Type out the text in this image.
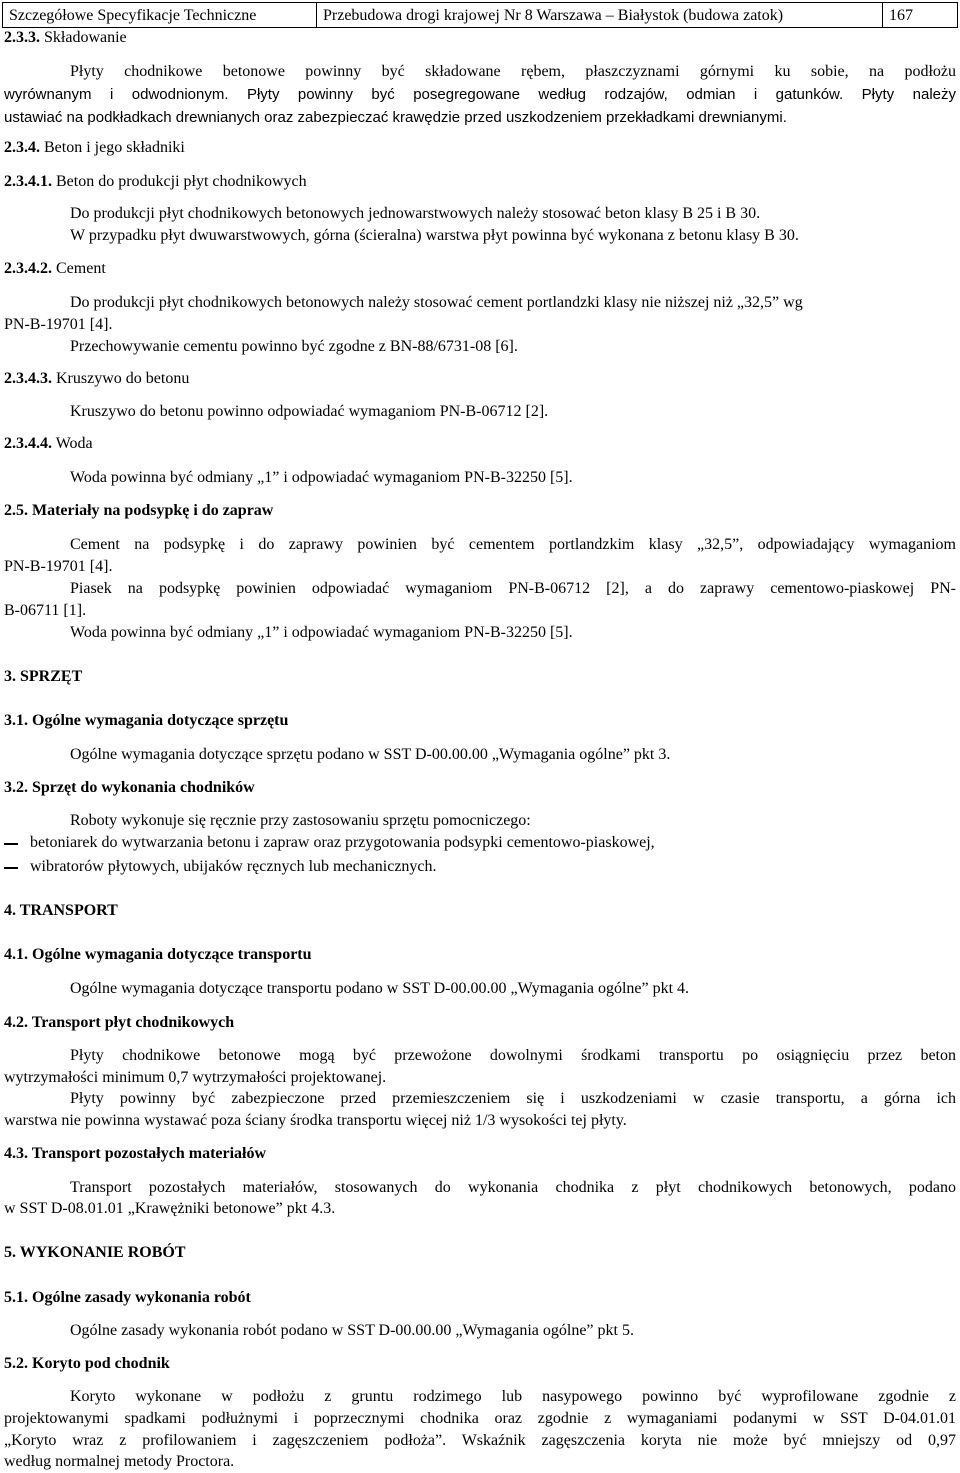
Szczegółowe Specyfikacje Techniczne	Przebudowa drogi krajowej Nr 8 Warszawa – Białystok (budowa zatok)	167
2.3.3. Składowanie
Płyty chodnikowe betonowe powinny być składowane rębem, płaszczyznami górnymi ku sobie, na podłożu
wyrównanym i odwodnionym. Płyty powinny być posegregowane według rodzajów, odmian i gatunków. Płyty należy
ustawiać na podkładkach drewnianych oraz zabezpieczać krawędzie przed uszkodzeniem przekładkami drewnianymi.
2.3.4. Beton i jego składniki
2.3.4.1. Beton do produkcji płyt chodnikowych
Do produkcji płyt chodnikowych betonowych jednowarstwowych należy stosować beton klasy B 25 i B 30.
W przypadku płyt dwuwarstwowych, górna (ścieralna) warstwa płyt powinna być wykonana z betonu klasy B 30.
2.3.4.2. Cement
Do produkcji płyt chodnikowych betonowych należy stosować cement portlandzki klasy nie niższej niż „32,5” wg
PN-B-19701 [4].
Przechowywanie cementu powinno być zgodne z BN-88/6731-08 [6].
2.3.4.3. Kruszywo do betonu
Kruszywo do betonu powinno odpowiadać wymaganiom PN-B-06712 [2].
2.3.4.4. Woda
Woda powinna być odmiany „1” i odpowiadać wymaganiom PN-B-32250 [5].
2.5. Materiały na podsypkę i do zapraw
Cement na podsypkę i do zaprawy powinien być cementem portlandzkim klasy „32,5”, odpowiadający wymaganiom
PN-B-19701 [4].
Piasek na podsypkę powinien odpowiadać wymaganiom PN-B-06712 [2], a do zaprawy cementowo-piaskowej PN-
B-06711 [1].
Woda powinna być odmiany „1” i odpowiadać wymaganiom PN-B-32250 [5].
3. SPRZĘT
3.1. Ogólne wymagania dotyczące sprzętu
Ogólne wymagania dotyczące sprzętu podano w SST D-00.00.00 „Wymagania ogólne” pkt 3.
3.2. Sprzęt do wykonania chodników
Roboty wykonuje się ręcznie przy zastosowaniu sprzętu pomocniczego:
betoniarek do wytwarzania betonu i zapraw oraz przygotowania podsypki cementowo-piaskowej,
wibratorów płytowych, ubijaków ręcznych lub mechanicznych.
4. TRANSPORT
4.1. Ogólne wymagania dotyczące transportu
Ogólne wymagania dotyczące transportu podano w SST D-00.00.00 „Wymagania ogólne” pkt 4.
4.2. Transport płyt chodnikowych
Płyty chodnikowe betonowe mogą być przewożone dowolnymi środkami transportu po osiągnięciu przez beton
wytrzymałości minimum 0,7 wytrzymałości projektowanej.
Płyty powinny być zabezpieczone przed przemieszczeniem się i uszkodzeniami w czasie transportu, a górna ich
warstwa nie powinna wystawać poza ściany środka transportu więcej niż 1/3 wysokości tej płyty.
4.3. Transport pozostałych materiałów
Transport pozostałych materiałów, stosowanych do wykonania chodnika z płyt chodnikowych betonowych, podano
w SST D-08.01.01 „Krawężniki betonowe” pkt 4.3.
5. WYKONANIE ROBÓT
5.1. Ogólne zasady wykonania robót
Ogólne zasady wykonania robót podano w SST D-00.00.00 „Wymagania ogólne” pkt 5.
5.2. Koryto pod chodnik
Koryto wykonane w podłożu z gruntu rodzimego lub nasypowego powinno być wyprofilowane zgodnie z
projektowanymi spadkami podłużnymi i poprzecznymi chodnika oraz zgodnie z wymaganiami podanymi w SST D-04.01.01
„Koryto wraz z profilowaniem i zagęszczeniem podłoża”. Wskaźnik zagęszczenia koryta nie może być mniejszy od 0,97
według normalnej metody Proctora.
